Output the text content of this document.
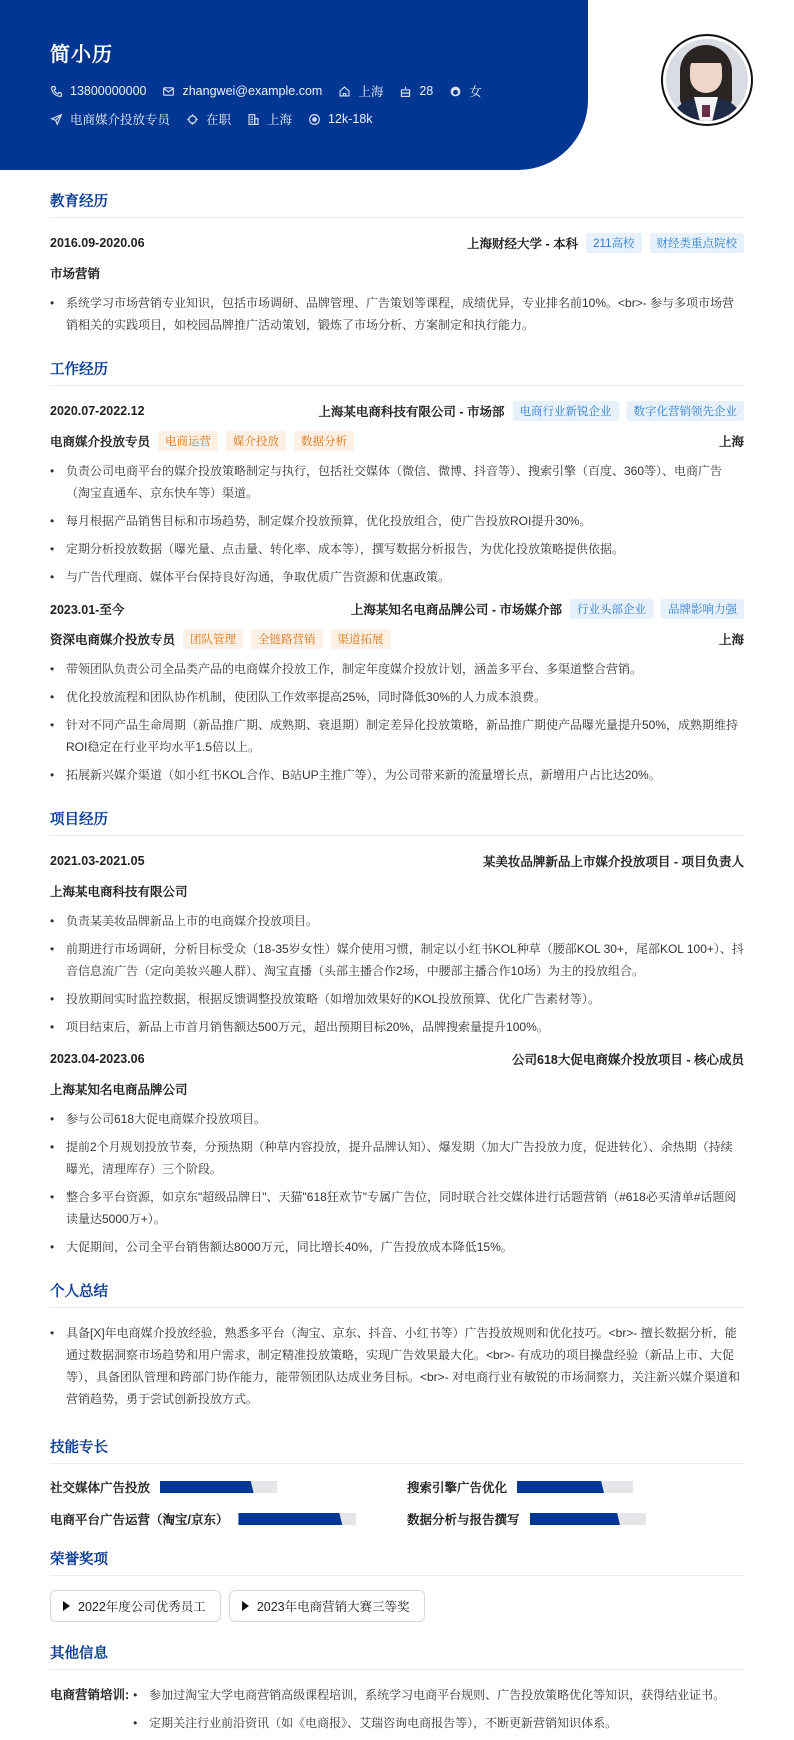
简小历
13800000000	zhangwei@example.com	上海	28	女
电商媒介投放专员	在职	上海	12k-18k
教育经历
2016.09-2020.06	上海财经大学 - 本科	211高校	财经类重点院校
市场营销
• 系统学习市场营销专业知识，包括市场调研、品牌管理、广告策划等课程，成绩优异，专业排名前10%。<br>- 参与多项市场营销相关的实践项目，如校园品牌推广活动策划，锻炼了市场分析、方案制定和执行能力。
工作经历
2020.07-2022.12	上海某电商科技有限公司 - 市场部	电商行业新锐企业	数字化营销领先企业
电商媒介投放专员	电商运营	媒介投放	数据分析	上海
• 负责公司电商平台的媒介投放策略制定与执行，包括社交媒体（微信、微博、抖音等）、搜索引擎（百度、360等）、电商广告（淘宝直通车、京东快车等）渠道。
• 每月根据产品销售目标和市场趋势，制定媒介投放预算，优化投放组合，使广告投放ROI提升30%。
• 定期分析投放数据（曝光量、点击量、转化率、成本等），撰写数据分析报告，为优化投放策略提供依据。
• 与广告代理商、媒体平台保持良好沟通，争取优质广告资源和优惠政策。
2023.01-至今	上海某知名电商品牌公司 - 市场媒介部	行业头部企业	品牌影响力强
资深电商媒介投放专员	团队管理	全链路营销	渠道拓展	上海
• 带领团队负责公司全品类产品的电商媒介投放工作，制定年度媒介投放计划，涵盖多平台、多渠道整合营销。
• 优化投放流程和团队协作机制，使团队工作效率提高25%，同时降低30%的人力成本浪费。
• 针对不同产品生命周期（新品推广期、成熟期、衰退期）制定差异化投放策略，新品推广期使产品曝光量提升50%，成熟期维持ROI稳定在行业平均水平1.5倍以上。
• 拓展新兴媒介渠道（如小红书KOL合作、B站UP主推广等），为公司带来新的流量增长点，新增用户占比达20%。
项目经历
2021.03-2021.05	某美妆品牌新品上市媒介投放项目 - 项目负责人
上海某电商科技有限公司
• 负责某美妆品牌新品上市的电商媒介投放项目。
• 前期进行市场调研，分析目标受众（18-35岁女性）媒介使用习惯，制定以小红书KOL种草（腰部KOL 30+，尾部KOL 100+）、抖音信息流广告（定向美妆兴趣人群）、淘宝直播（头部主播合作2场，中腰部主播合作10场）为主的投放组合。
• 投放期间实时监控数据，根据反馈调整投放策略（如增加效果好的KOL投放预算、优化广告素材等）。
• 项目结束后，新品上市首月销售额达500万元，超出预期目标20%，品牌搜索量提升100%。
2023.04-2023.06	公司618大促电商媒介投放项目 - 核心成员
上海某知名电商品牌公司
• 参与公司618大促电商媒介投放项目。
• 提前2个月规划投放节奏，分预热期（种草内容投放，提升品牌认知）、爆发期（加大广告投放力度，促进转化）、余热期（持续曝光，清理库存）三个阶段。
• 整合多平台资源，如京东"超级品牌日"、天猫"618狂欢节"专属广告位，同时联合社交媒体进行话题营销（#618必买清单#话题阅读量达5000万+）。
• 大促期间，公司全平台销售额达8000万元，同比增长40%，广告投放成本降低15%。
个人总结
• 具备[X]年电商媒介投放经验，熟悉多平台（淘宝、京东、抖音、小红书等）广告投放规则和优化技巧。<br>- 擅长数据分析，能通过数据洞察市场趋势和用户需求，制定精准投放策略，实现广告效果最大化。<br>- 有成功的项目操盘经验（新品上市、大促等），具备团队管理和跨部门协作能力，能带领团队达成业务目标。<br>- 对电商行业有敏锐的市场洞察力，关注新兴媒介渠道和营销趋势，勇于尝试创新投放方式。
技能专长
社交媒体广告投放	搜索引擎广告优化
电商平台广告运营（淘宝/京东）	数据分析与报告撰写
荣誉奖项
2022年度公司优秀员工	2023年电商营销大赛三等奖
其他信息
电商营销培训:	• 参加过淘宝大学电商营销高级课程培训，系统学习电商平台规则、广告投放策略优化等知识，获得结业证书。
• 定期关注行业前沿资讯（如《电商报》、艾瑞咨询电商报告等），不断更新营销知识体系。
